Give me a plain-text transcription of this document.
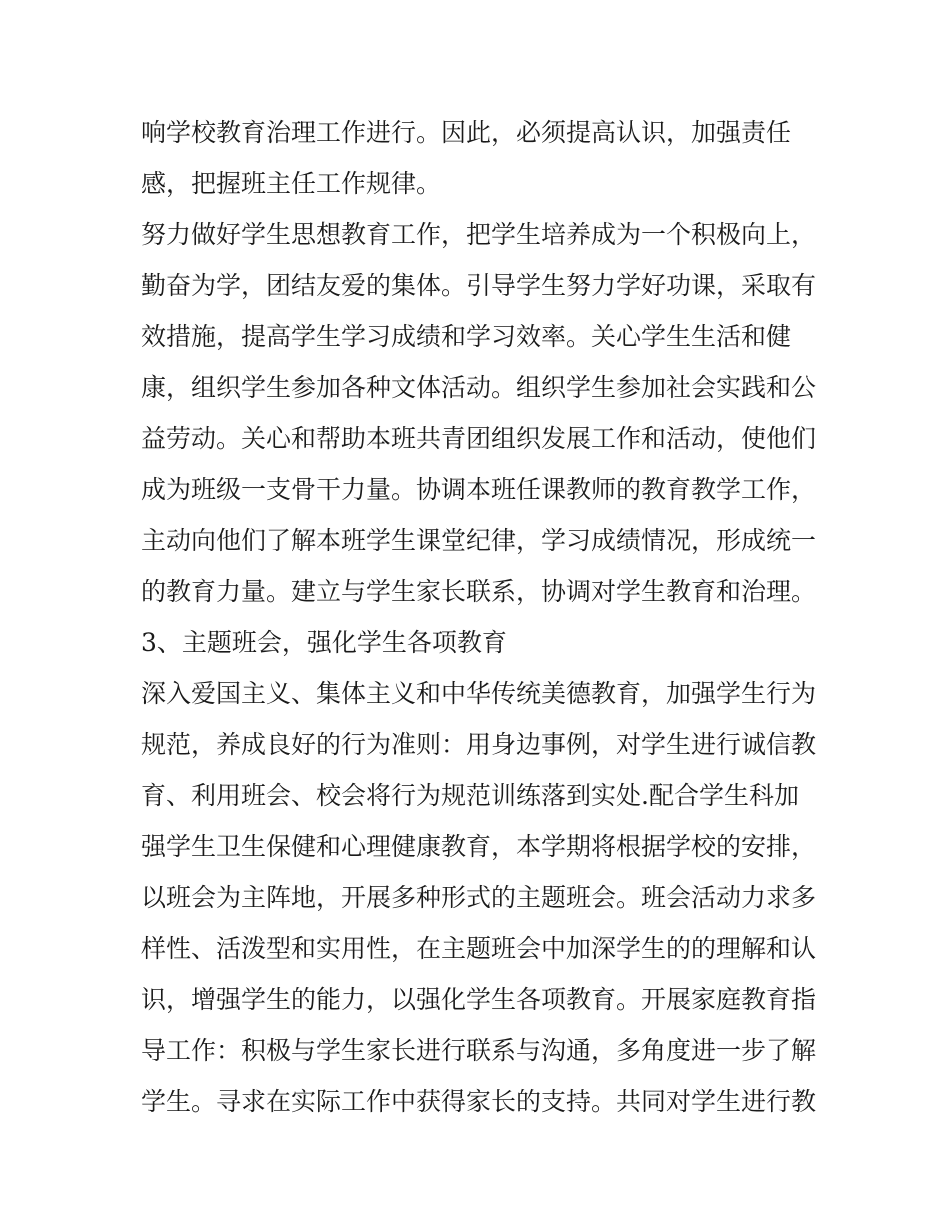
响学校教育治理工作进行。因此，必须提高认识，加强责任
感，把握班主任工作规律。
努力做好学生思想教育工作，把学生培养成为一个积极向上，
勤奋为学，团结友爱的集体。引导学生努力学好功课，采取有
效措施，提高学生学习成绩和学习效率。关心学生生活和健
康，组织学生参加各种文体活动。组织学生参加社会实践和公
益劳动。关心和帮助本班共青团组织发展工作和活动，使他们
成为班级一支骨干力量。协调本班任课教师的教育教学工作，
主动向他们了解本班学生课堂纪律，学习成绩情况，形成统一
的教育力量。建立与学生家长联系，协调对学生教育和治理。
3、主题班会，强化学生各项教育
深入爱国主义、集体主义和中华传统美德教育，加强学生行为
规范，养成良好的行为准则：用身边事例，对学生进行诚信教
育、利用班会、校会将行为规范训练落到实处.配合学生科加
强学生卫生保健和心理健康教育，本学期将根据学校的安排，
以班会为主阵地，开展多种形式的主题班会。班会活动力求多
样性、活泼型和实用性，在主题班会中加深学生的的理解和认
识，增强学生的能力，以强化学生各项教育。开展家庭教育指
导工作：积极与学生家长进行联系与沟通，多角度进一步了解
学生。寻求在实际工作中获得家长的支持。共同对学生进行教
